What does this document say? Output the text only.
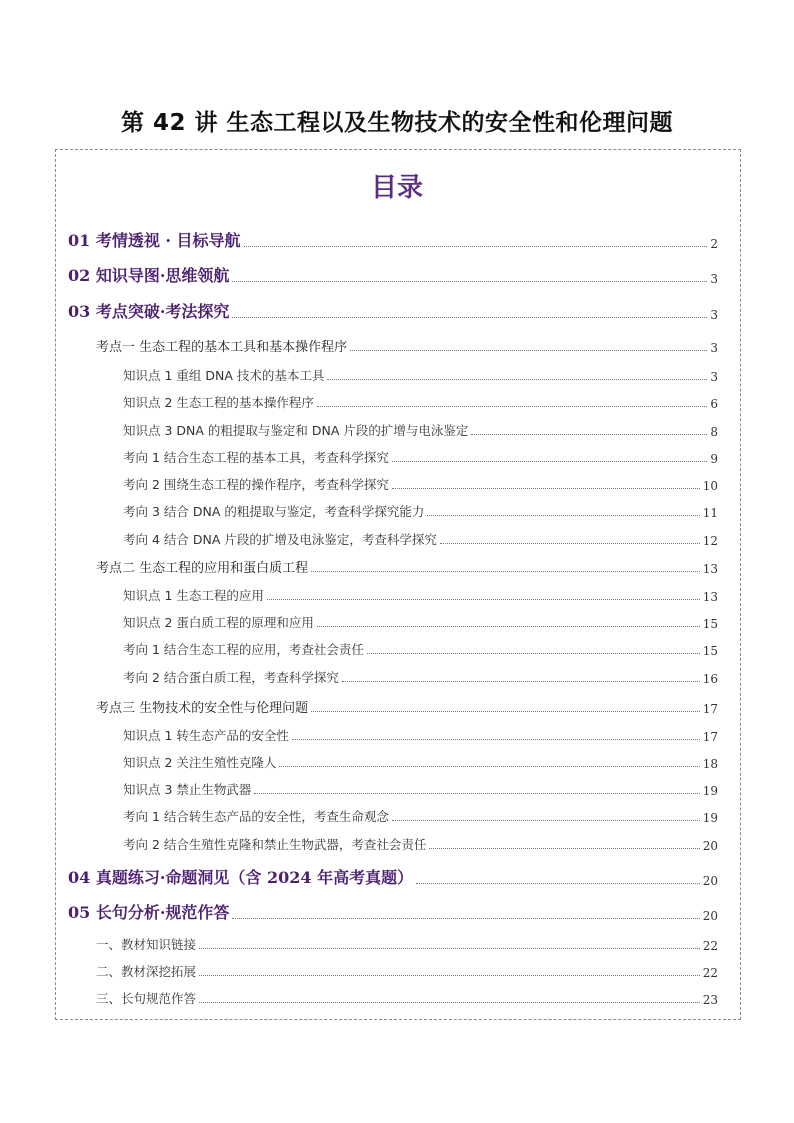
第 42 讲 生态工程以及生物技术的安全性和伦理问题
目录
01 考情透视 · 目标导航	2
02 知识导图·思维领航	3
03 考点突破·考法探究	3
考点一 生态工程的基本工具和基本操作程序	3
知识点 1 重组 DNA 技术的基本工具	3
知识点 2 生态工程的基本操作程序	6
知识点 3 DNA 的粗提取与鉴定和 DNA 片段的扩增与电泳鉴定	8
考向 1 结合生态工程的基本工具，考查科学探究	9
考向 2 围绕生态工程的操作程序，考查科学探究	10
考向 3 结合 DNA 的粗提取与鉴定，考查科学探究能力	11
考向 4 结合 DNA 片段的扩增及电泳鉴定，考查科学探究	12
考点二 生态工程的应用和蛋白质工程	13
知识点 1 生态工程的应用	13
知识点 2 蛋白质工程的原理和应用	15
考向 1 结合生态工程的应用，考查社会责任	15
考向 2 结合蛋白质工程，考查科学探究	16
考点三 生物技术的安全性与伦理问题	17
知识点 1 转生态产品的安全性	17
知识点 2 关注生殖性克隆人	18
知识点 3 禁止生物武器	19
考向 1 结合转生态产品的安全性，考查生命观念	19
考向 2 结合生殖性克隆和禁止生物武器，考查社会责任	20
04 真题练习·命题洞见（含 2024 年高考真题）	20
05 长句分析·规范作答	20
一、教材知识链接	22
二、教材深挖拓展	22
三、长句规范作答	23
